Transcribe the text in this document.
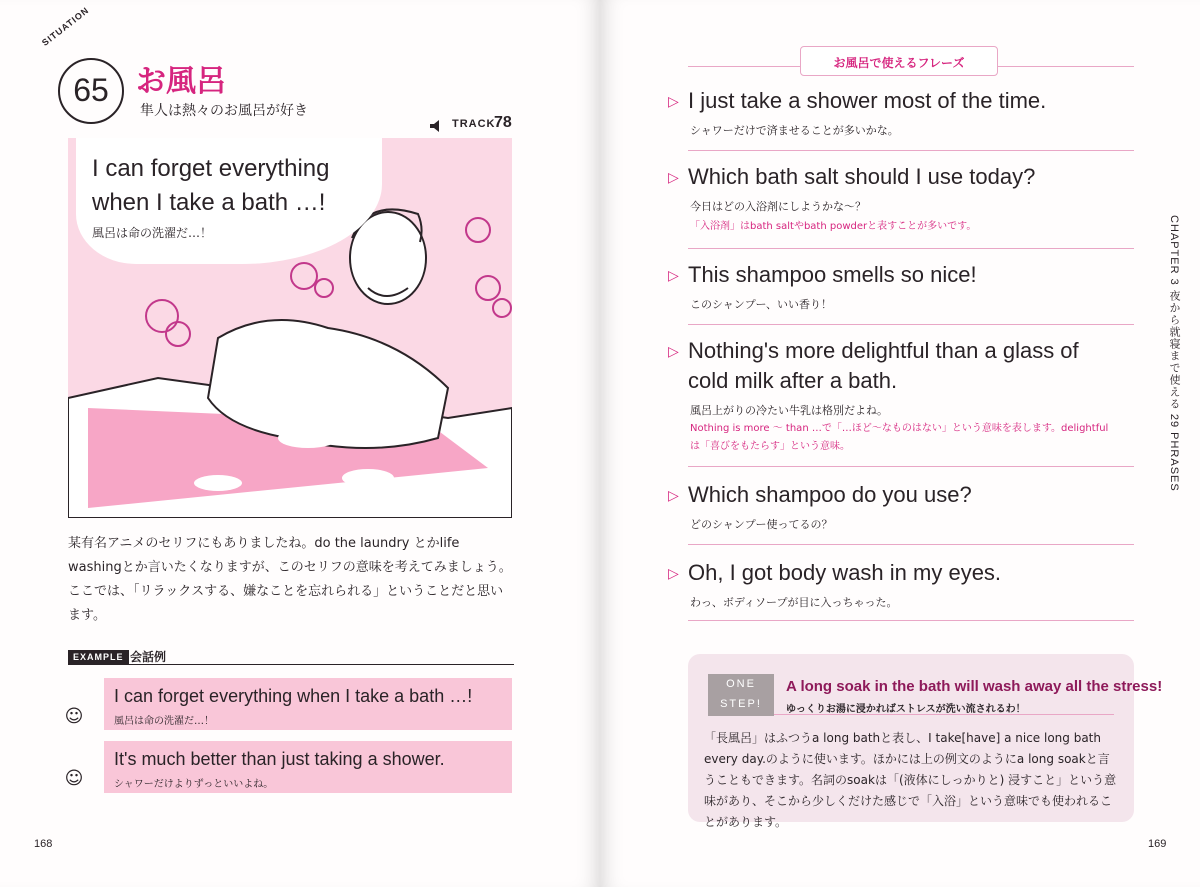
SITUATION
65 お風呂
隼人は熱々のお風呂が好き
TRACK
78
I can forget everything
when I take a bath …!
風呂は命の洗濯だ…！
某有名アニメのセリフにもありましたね。do the laundry とかlife washingとか言いたくなりますが、このセリフの意味を考えてみましょう。ここでは、「リラックスする、嫌なことを忘れられる」ということだと思います。
EXAMPLE 会話例
☺
I can forget everything when I take a bath …!
風呂は命の洗濯だ…！
☺
It's much better than just taking a shower.
シャワーだけよりずっといいよね。
168
お風呂で使えるフレーズ
▷ I just take a shower most of the time.
シャワーだけで済ませることが多いかな。
▷ Which bath salt should I use today?
今日はどの入浴剤にしようかな～？
「入浴剤」はbath saltやbath powderと表すことが多いです。
▷ This shampoo smells so nice!
このシャンプー、いい香り！
▷ Nothing's more delightful than a glass of
cold milk after a bath.
風呂上がりの冷たい牛乳は格別だよね。
Nothing is more ～ than …で「…ほど～なものはない」という意味を表します。delightful
は「喜びをもたらす」という意味。
▷ Which shampoo do you use?
どのシャンプー使ってるの？
▷ Oh, I got body wash in my eyes.
わっ、ボディソープが目に入っちゃった。
CHAPTER 3 夜から就寝まで使える 29 PHRASES
ONE
STEP!
A long soak in the bath will wash away all the stress!
ゆっくりお湯に浸かればストレスが洗い流されるわ！
「長風呂」はふつうa long bathと表し、I take[have] a nice long bath every day.のように使います。ほかには上の例文のようにa long soakと言うこともできます。名詞のsoakは「(液体にしっかりと) 浸すこと」という意味があり、そこから少しくだけた感じで「入浴」という意味でも使われることがあります。
169
